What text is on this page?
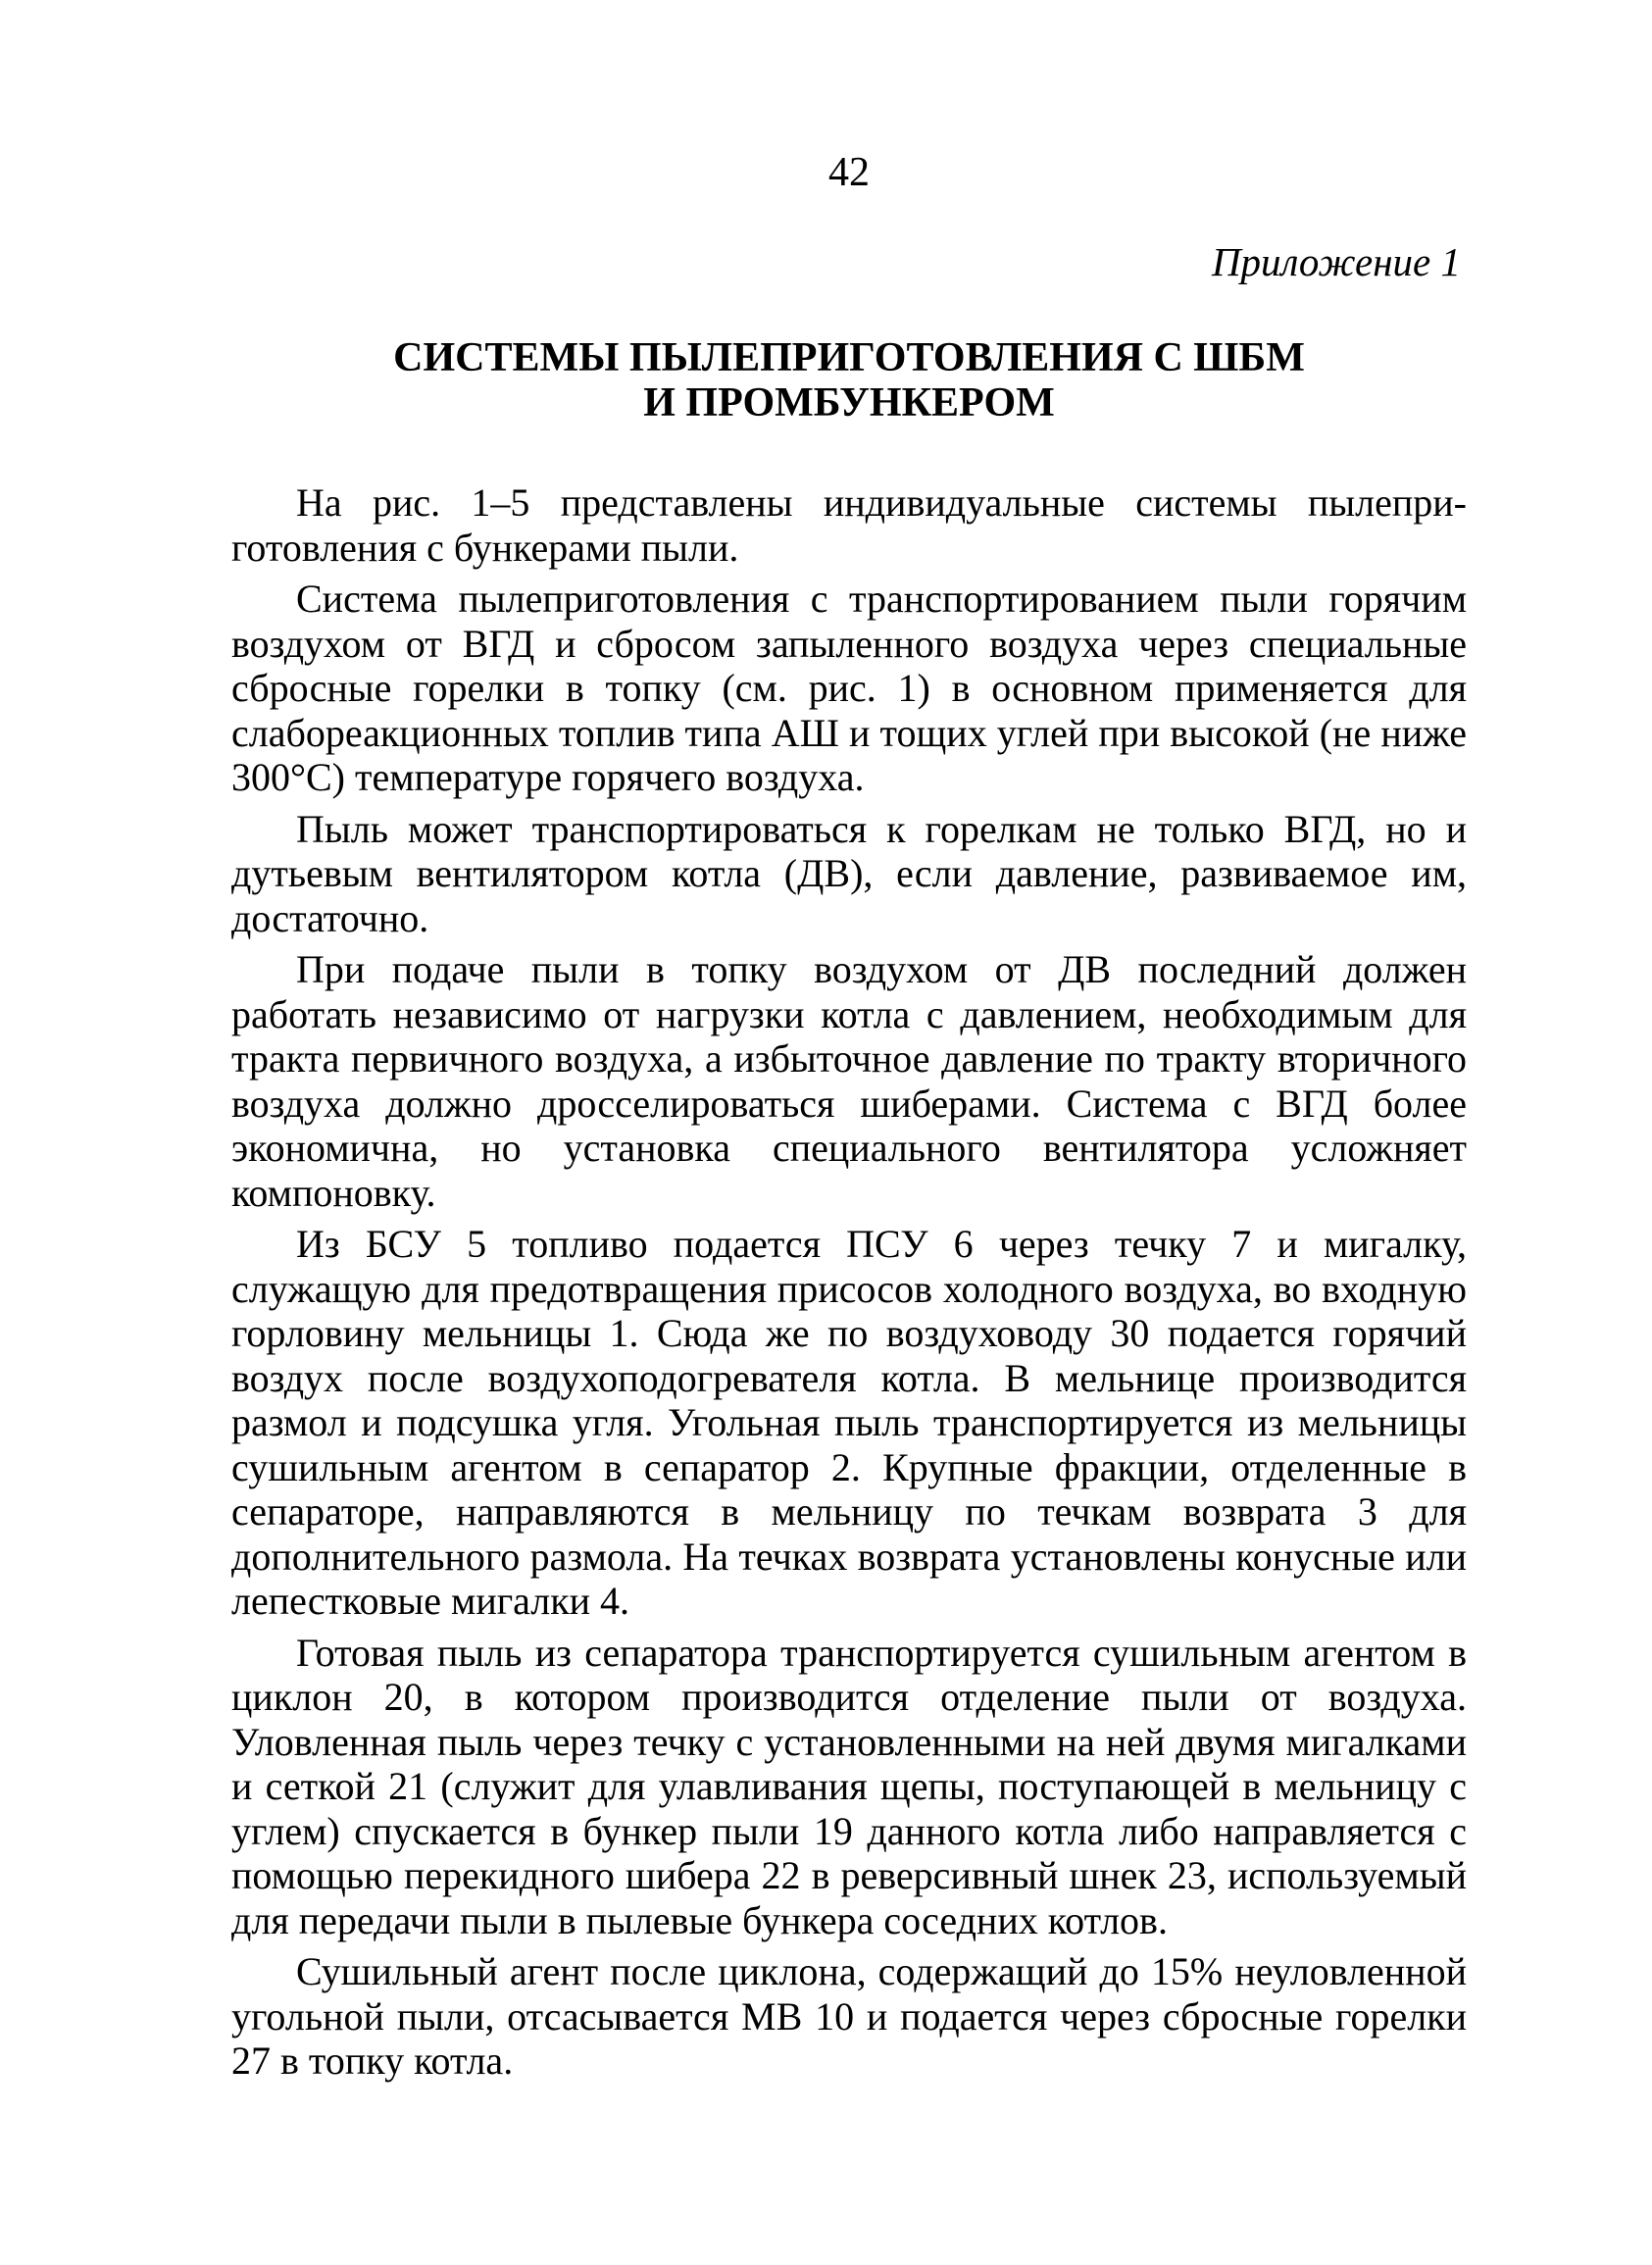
42
Приложение 1
СИСТЕМЫ ПЫЛЕПРИГОТОВЛЕНИЯ С ШБМ
И ПРОМБУНКЕРОМ

На рис. 1–5 представлены индивидуальные системы пылеприготовления с бункерами пыли.

Система пылеприготовления с транспортированием пыли горячим воздухом от ВГД и сбросом запыленного воздуха через специальные сбросные горелки в топку (см. рис. 1) в основном применяется для слабореакционных топлив типа АШ и тощих углей при высокой (не ниже 300°С) температуре горячего воздуха.

Пыль может транспортироваться к горелкам не только ВГД, но и дутьевым вентилятором котла (ДВ), если давление, развиваемое им, достаточно.

При подаче пыли в топку воздухом от ДВ последний должен работать независимо от нагрузки котла с давлением, необходимым для тракта первичного воздуха, а избыточное давление по тракту вторичного воздуха должно дросселироваться шиберами. Система с ВГД более экономична, но установка специального вентилятора усложняет компоновку.

Из БСУ 5 топливо подается ПСУ 6 через течку 7 и мигалку, служащую для предотвращения присосов холодного воздуха, во входную горловину мельницы 1. Сюда же по воздуховоду 30 подается горячий воздух после воздухоподогревателя котла. В мельнице производится размол и подсушка угля. Угольная пыль транспортируется из мельницы сушильным агентом в сепаратор 2. Крупные фракции, отделенные в сепараторе, направляются в мельницу по течкам возврата 3 для дополнительного размола. На течках возврата установлены конусные или лепестковые мигалки 4.

Готовая пыль из сепаратора транспортируется сушильным агентом в циклон 20, в котором производится отделение пыли от воздуха. Уловленная пыль через течку с установленными на ней двумя мигалками и сеткой 21 (служит для улавливания щепы, поступающей в мельницу с углем) спускается в бункер пыли 19 данного котла либо направляется с помощью перекидного шибера 22 в реверсивный шнек 23, используемый для передачи пыли в пылевые бункера соседних котлов.

Сушильный агент после циклона, содержащий до 15% неуловленной угольной пыли, отсасывается МВ 10 и подается через сбросные горелки 27 в топку котла.
